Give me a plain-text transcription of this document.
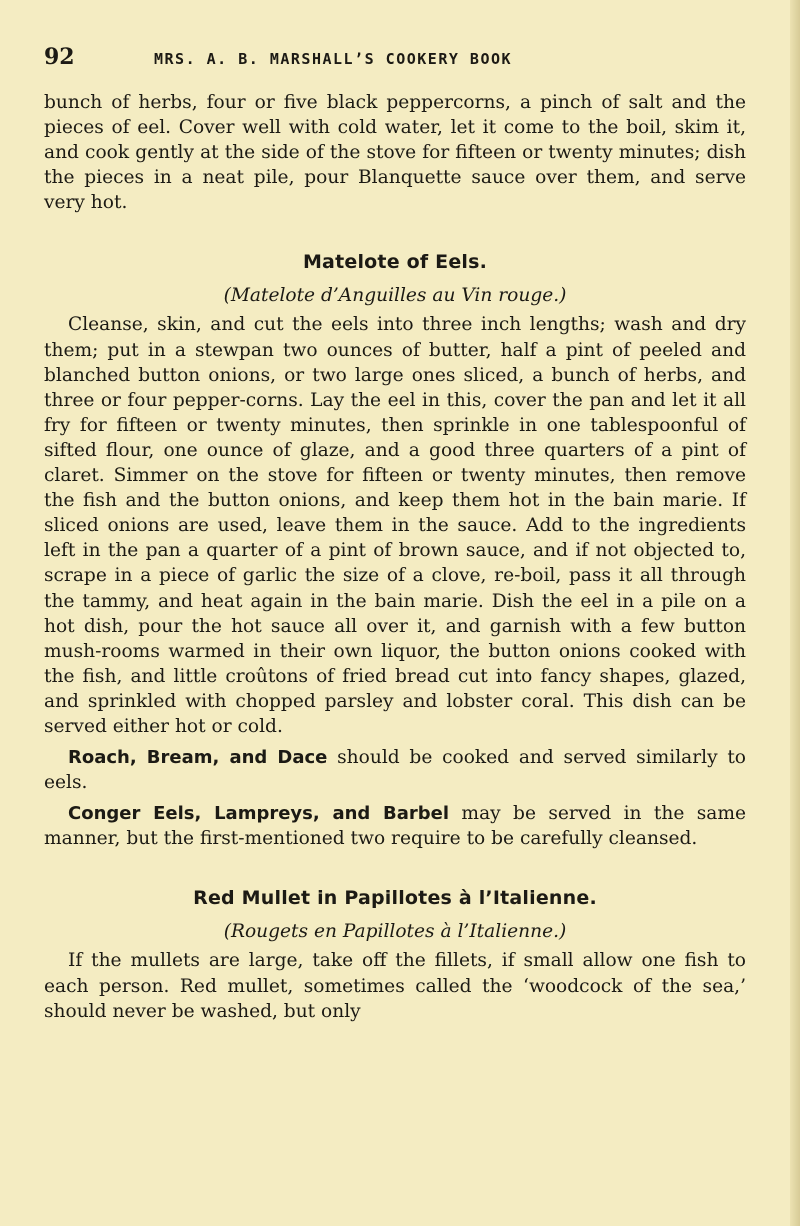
92	MRS. A. B. MARSHALL’S COOKERY BOOK

bunch of herbs, four or five black peppercorns, a pinch of salt and the pieces of eel. Cover well with cold water, let it come to the boil, skim it, and cook gently at the side of the stove for fifteen or twenty minutes; dish the pieces in a neat pile, pour Blanquette sauce over them, and serve very hot.

Matelote of Eels.
(Matelote d’Anguilles au Vin rouge.)

Cleanse, skin, and cut the eels into three inch lengths; wash and dry them; put in a stewpan two ounces of butter, half a pint of peeled and blanched button onions, or two large ones sliced, a bunch of herbs, and three or four pepper-corns. Lay the eel in this, cover the pan and let it all fry for fifteen or twenty minutes, then sprinkle in one tablespoonful of sifted flour, one ounce of glaze, and a good three quarters of a pint of claret. Simmer on the stove for fifteen or twenty minutes, then remove the fish and the button onions, and keep them hot in the bain marie. If sliced onions are used, leave them in the sauce. Add to the ingredients left in the pan a quarter of a pint of brown sauce, and if not objected to, scrape in a piece of garlic the size of a clove, re-boil, pass it all through the tammy, and heat again in the bain marie. Dish the eel in a pile on a hot dish, pour the hot sauce all over it, and garnish with a few button mush-rooms warmed in their own liquor, the button onions cooked with the fish, and little croûtons of fried bread cut into fancy shapes, glazed, and sprinkled with chopped parsley and lobster coral. This dish can be served either hot or cold.

Roach, Bream, and Dace should be cooked and served similarly to eels.

Conger Eels, Lampreys, and Barbel may be served in the same manner, but the first-mentioned two require to be carefully cleansed.

Red Mullet in Papillotes à l’Italienne.
(Rougets en Papillotes à l’Italienne.)

If the mullets are large, take off the fillets, if small allow one fish to each person. Red mullet, sometimes called the ‘woodcock of the sea,’ should never be washed, but only
